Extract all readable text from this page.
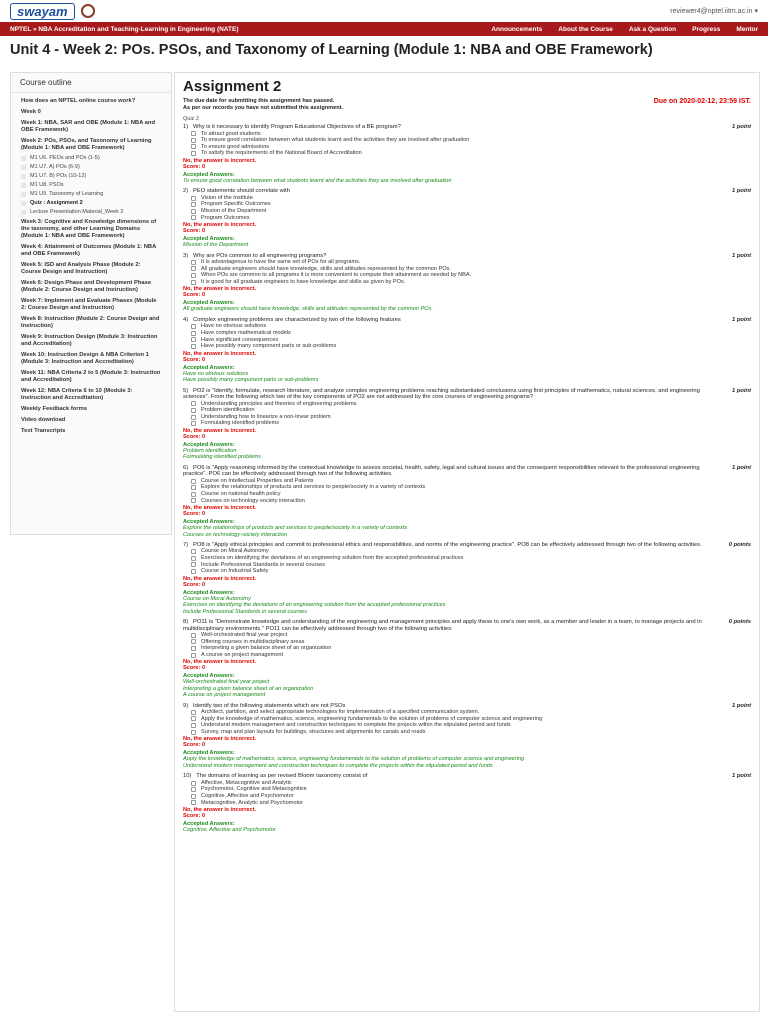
swayam	reviewer4@nptel.iitm.ac.in ▾
NPTEL » NBA Accreditation and Teaching-Learning in Engineering (NATE)	Announcements About the Course Ask a Question Progress Mentor
Unit 4 - Week 2: POs. PSOs, and Taxonomy of Learning (Module 1: NBA and OBE Framework)
Course outline
How does an NPTEL online course work?
Week 0
Week 1: NBA, SAR and OBE (Module 1: NBA and OBE Framework)
Week 2: POs, PSOs, and Taxonomy of Learning (Module 1: NBA and OBE Framework)
M1 U6. PEOs and POs (1-5)
M1 U7. A) POs (6-9)
M1 U7. B) POs (10-12)
M1 U8. PSOs
M1 U9. Taxonomy of Learning
Quiz : Assignment 2
Lecture Presentation Material_Week 2
Week 3: Cognitive and Knowledge dimensions of the taxonomy, and other Learning Domains (Module 1: NBA and OBE Framework)
Week 4: Attainment of Outcomes (Module 1: NBA and OBE Framework)
Week 5: ISD and Analysis Phase (Module 2: Course Design and Instruction)
Week 6: Design Phase and Development Phase (Module 2: Course Design and Instruction)
Week 7: Implement and Evaluate Phases (Module 2: Course Design and Instruction)
Week 8: Instruction (Module 2: Course Design and Instruction)
Week 9: Instruction Design (Module 3: Instruction and Accreditation)
Week 10: Instruction Design & NBA Criterion 1 (Module 3: Instruction and Accreditation)
Week 11: NBA Criteria 2 to 5 (Module 3: Instruction and Accreditation)
Week 12: NBA Criteria 6 to 10 (Module 3: Instruction and Accreditation)
Weekly Feedback forms
Video download
Text Transcripts
Assignment 2
The due date for submitting this assignment has passed.
As per our records you have not submitted this assignment.
Due on 2020-02-12, 23:59 IST.
Quiz 2
1) Why is it necessary to identify Program Educational Objectives of a BE program?	1 point
To attract good students
To ensure good correlation between what students learnt and the activities they are involved after graduation
To ensure good admissions
To satisfy the requirements of the National Board of Accreditation
No, the answer is incorrect.
Score: 0
Accepted Answers:
To ensure good correlation between what students learnt and the activities they are involved after graduation
2) PEO statements should correlate with	1 point
Vision of the Institute
Program Specific Outcomes
Mission of the Department
Program Outcomes
No, the answer is incorrect.
Score: 0
Accepted Answers:
Mission of the Department
3) Why are POs common to all engineering programs?	1 point
It is advantageous to have the same set of POs for all programs.
All graduate engineers should have knowledge, skills and attitudes represented by the common POs.
When POs are common to all programs it is more convenient to compute their attainment as needed by NBA.
It is good for all graduate engineers to have knowledge and skills as given by POs.
No, the answer is incorrect.
Score: 0
Accepted Answers:
All graduate engineers should have knowledge, skills and attitudes represented by the common POs.
4) Complex engineering problems are characterized by two of the following features	1 point
Have no obvious solutions
Have complex mathematical models
Have significant consequences
Have possibly many component parts or sub-problems
No, the answer is incorrect.
Score: 0
Accepted Answers:
Have no obvious solutions
Have possibly many component parts or sub-problems
5) PO2 is "Identify, formulate, research literature, and analyze complex engineering problems reaching substantiated conclusions using first principles of mathematics, natural sciences, and engineering sciences". From the following which two of the key components of PO2 are not addressed by the core courses of engineering programs?
1 point
Understanding principles and theories of engineering problems
Problem identification
Understanding how to linearize a non-linear problem
Formulating identified problems
No, the answer is incorrect.
Score: 0
Accepted Answers:
Problem identification
Formulating identified problems
6) PO6 is "Apply reasoning informed by the contextual knowledge to assess societal, health, safety, legal and cultural issues and the consequent responsibilities relevant to the professional engineering practice". PO6 can be effectively addressed through two of the following activities.
1 point
Course on Intellectual Properties and Patents
Explore the relationships of products and services to people/society in a variety of contexts
Course on national health policy
Courses on technology-society interaction
No, the answer is incorrect.
Score: 0
Accepted Answers:
Explore the relationships of products and services to people/society in a variety of contexts
Courses on technology-society interaction
7) PO8 is "Apply ethical principles and commit to professional ethics and responsibilities, and norms of the engineering practice". PO8 can be effectively addressed through two of the following activities.	0 points
Course on Moral Autonomy
Exercises on identifying the deviations of an engineering solution from the accepted professional practices
Include Professional Standards in several courses
Course on Industrial Safety
No, the answer is incorrect.
Score: 0
Accepted Answers:
Course on Moral Autonomy
Exercises on identifying the deviations of an engineering solution from the accepted professional practices
Include Professional Standards in several courses
8) PO11 is "Demonstrate knowledge and understanding of the engineering and management principles and apply these to one's own work, as a member and leader in a team, to manage projects and in multidisciplinary environments." PO11 can be effectively addressed through two of the following activities:
0 points
Well-orchestrated final year project
Offering courses in multidisciplinary areas
Interpreting a given balance sheet of an organization
A course on project management
No, the answer is incorrect.
Score: 0
Accepted Answers:
Well-orchestrated final year project
Interpreting a given balance sheet of an organization
A course on project management
9) Identify two of the following statements which are not PSOs	1 point
Architect, partition, and select appropriate technologies for implementation of a specified communication system.
Apply the knowledge of mathematics, science, engineering fundamentals to the solution of problems of computer science and engineering
Understand modern management and construction techniques to complete the projects within the stipulated period and funds
Survey, map and plan layouts for buildings, structures and alignments for canals and roads
No, the answer is incorrect.
Score: 0
Accepted Answers:
Apply the knowledge of mathematics, science, engineering fundamentals to the solution of problems of computer science and engineering
Understand modern management and construction techniques to complete the projects within the stipulated period and funds
10) The domains of learning as per revised Bloom taxonomy consist of	1 point
Affective, Metacognitive and Analytic
Psychomotor, Cognitive and Metacognitive
Cognitive, Affective and Psychomotor
Metacognitive, Analytic and Psychomotor
No, the answer is incorrect.
Score: 0
Accepted Answers:
Cognitive, Affective and Psychomotor
